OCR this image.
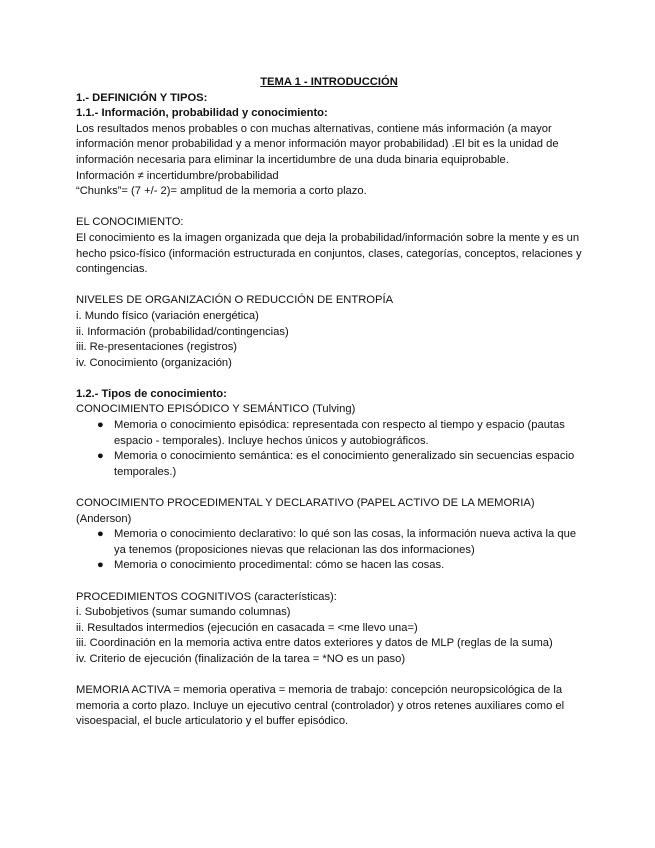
TEMA 1 - INTRODUCCIÓN
1.- DEFINICIÓN Y TIPOS:
1.1.- Información, probabilidad y conocimiento:
Los resultados menos probables o con muchas alternativas, contiene más información (a mayor información menor probabilidad y a menor información mayor probabilidad) .El bit es la unidad de información necesaria para eliminar la incertidumbre de una duda binaria equiprobable.
Información ≠ incertidumbre/probabilidad
“Chunks”= (7 +/- 2)= amplitud de la memoria a corto plazo.
EL CONOCIMIENTO:
El conocimiento es la imagen organizada que deja la probabilidad/información sobre la mente y es un hecho psico-físico (información estructurada en conjuntos, clases, categorías, conceptos, relaciones y contingencias.
NIVELES DE ORGANIZACIÓN O REDUCCIÓN DE ENTROPÍA
i. Mundo físico (variación energética)
ii. Información (probabilidad/contingencias)
iii. Re-presentaciones (registros)
iv. Conocimiento (organización)
1.2.- Tipos de conocimiento:
CONOCIMIENTO EPISÓDICO Y SEMÁNTICO (Tulving)
● Memoria o conocimiento episódica: representada con respecto al tiempo y espacio (pautas espacio - temporales). Incluye hechos únicos y autobiográficos.
● Memoria o conocimiento semántica: es el conocimiento generalizado sin secuencias espacio temporales.)
CONOCIMIENTO PROCEDIMENTAL Y DECLARATIVO (PAPEL ACTIVO DE LA MEMORIA) (Anderson)
● Memoria o conocimiento declarativo: lo qué son las cosas, la información nueva activa la que ya tenemos (proposiciones nievas que relacionan las dos informaciones)
● Memoria o conocimiento procedimental: cómo se hacen las cosas.
PROCEDIMIENTOS COGNITIVOS (características):
i. Subobjetivos (sumar sumando columnas)
ii. Resultados intermedios (ejecución en casacada = <me llevo una=)
iii. Coordinación en la memoria activa entre datos exteriores y datos de MLP (reglas de la suma)
iv. Criterio de ejecución (finalización de la tarea = *NO es un paso)
MEMORIA ACTIVA = memoria operativa = memoria de trabajo: concepción neuropsicológica de la memoria a corto plazo. Incluye un ejecutivo central (controlador) y otros retenes auxiliares como el visoespacial, el bucle articulatorio y el buffer episódico.
